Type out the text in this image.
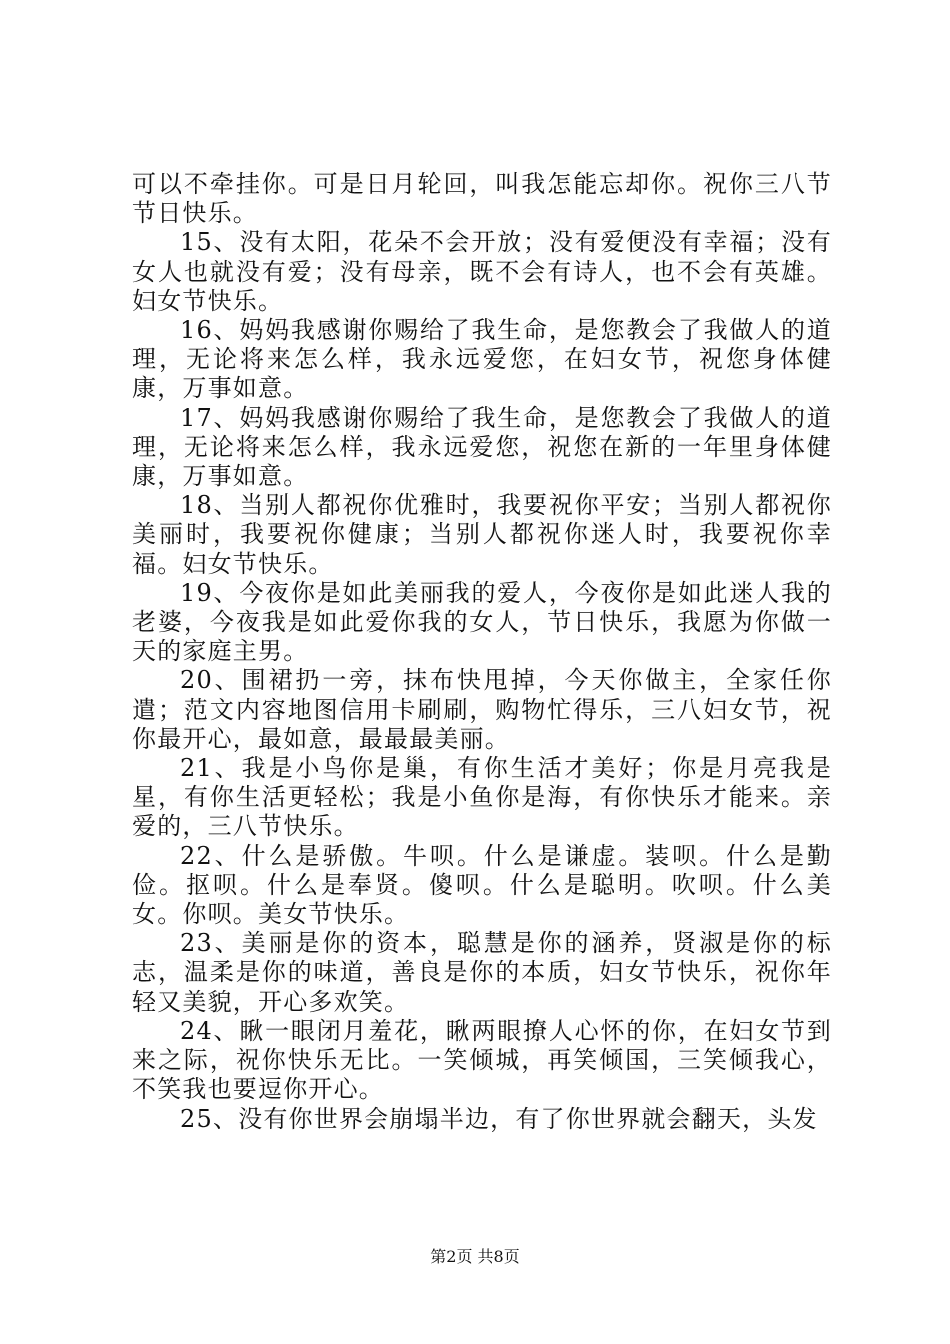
可以不牵挂你。可是日月轮回，叫我怎能忘却你。祝你三八节节日快乐。

15、没有太阳，花朵不会开放；没有爱便没有幸福；没有女人也就没有爱；没有母亲，既不会有诗人，也不会有英雄。妇女节快乐。

16、妈妈我感谢你赐给了我生命，是您教会了我做人的道理，无论将来怎么样，我永远爱您，在妇女节，祝您身体健康，万事如意。

17、妈妈我感谢你赐给了我生命，是您教会了我做人的道理，无论将来怎么样，我永远爱您，祝您在新的一年里身体健康，万事如意。

18、当别人都祝你优雅时，我要祝你平安；当别人都祝你美丽时，我要祝你健康；当别人都祝你迷人时，我要祝你幸福。妇女节快乐。

19、今夜你是如此美丽我的爱人，今夜你是如此迷人我的老婆，今夜我是如此爱你我的女人，节日快乐，我愿为你做一天的家庭主男。

20、围裙扔一旁，抹布快甩掉，今天你做主，全家任你遣；范文内容地图信用卡刷刷，购物忙得乐，三八妇女节，祝你最开心，最如意，最最最美丽。

21、我是小鸟你是巢，有你生活才美好；你是月亮我是星，有你生活更轻松；我是小鱼你是海，有你快乐才能来。亲爱的，三八节快乐。

22、什么是骄傲。牛呗。什么是谦虚。装呗。什么是勤俭。抠呗。什么是奉贤。傻呗。什么是聪明。吹呗。什么美女。你呗。美女节快乐。

23、美丽是你的资本，聪慧是你的涵养，贤淑是你的标志，温柔是你的味道，善良是你的本质，妇女节快乐，祝你年轻又美貌，开心多欢笑。

24、瞅一眼闭月羞花，瞅两眼撩人心怀的你，在妇女节到来之际，祝你快乐无比。一笑倾城，再笑倾国，三笑倾我心，不笑我也要逗你开心。

25、没有你世界会崩塌半边，有了你世界就会翻天，头发

第2页 共8页
